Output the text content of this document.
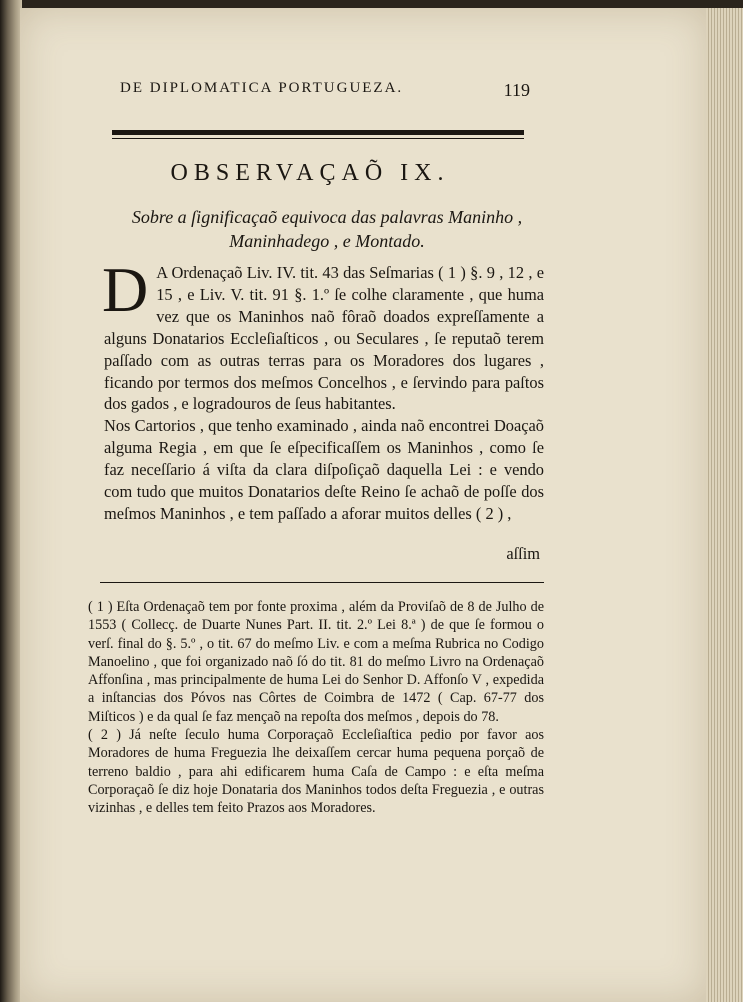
DE DIPLOMATICA PORTUGUEZA.	119
OBSERVAÇAÕ IX.
Sobre a ſignificaçaõ equivoca das palavras Maninho ,
Maninhadego , e Montado.

D A Ordenaçaõ Liv. IV. tit. 43 das Seſmarias ( 1 ) §. 9 , 12 , e 15 , e Liv. V. tit. 91 §. 1.º ſe colhe claramente , que huma vez que os Maninhos naõ fôraõ doados expreſſamente a alguns Donatarios Eccleſiaſticos , ou Seculares , ſe reputaõ terem paſſado com as outras terras para os Moradores dos lugares , ficando por termos dos meſmos Concelhos , e ſervindo para paſtos dos gados , e logradouros de ſeus habitantes.

Nos Cartorios , que tenho examinado , ainda naõ encontrei Doaçaõ alguma Regia , em que ſe eſpecificaſſem os Maninhos , como ſe faz neceſſario á viſta da clara diſpoſiçaõ daquella Lei : e vendo com tudo que muitos Donatarios deſte Reino ſe achaõ de poſſe dos meſmos Maninhos , e tem paſſado a aforar muitos delles ( 2 ) ,

aſſim

( 1 ) Eſta Ordenaçaõ tem por fonte proxima , além da Proviſaõ de 8 de Julho de 1553 ( Collecç. de Duarte Nunes Part. II. tit. 2.º Lei 8.ª ) de que ſe formou o verſ. final do §. 5.º , o tit. 67 do meſmo Liv. e com a meſma Rubrica no Codigo Manoelino , que foi organizado naõ ſó do tit. 81 do meſmo Livro na Ordenaçaõ Affonſina , mas principalmente de huma Lei do Senhor D. Affonſo V , expedida a inſtancias dos Póvos nas Côrtes de Coimbra de 1472 ( Cap. 67-77 dos Miſticos ) e da qual ſe faz mençaõ na repoſta dos meſmos , depois do 78.

( 2 ) Já neſte ſeculo huma Corporaçaõ Eccleſiaſtica pedio por favor aos Moradores de huma Freguezia lhe deixaſſem cercar huma pequena porçaõ de terreno baldio , para ahi edificarem huma Caſa de Campo : e eſta meſma Corporaçaõ ſe diz hoje Donataria dos Maninhos todos deſta Freguezia , e outras vizinhas , e delles tem feito Prazos aos Moradores.
